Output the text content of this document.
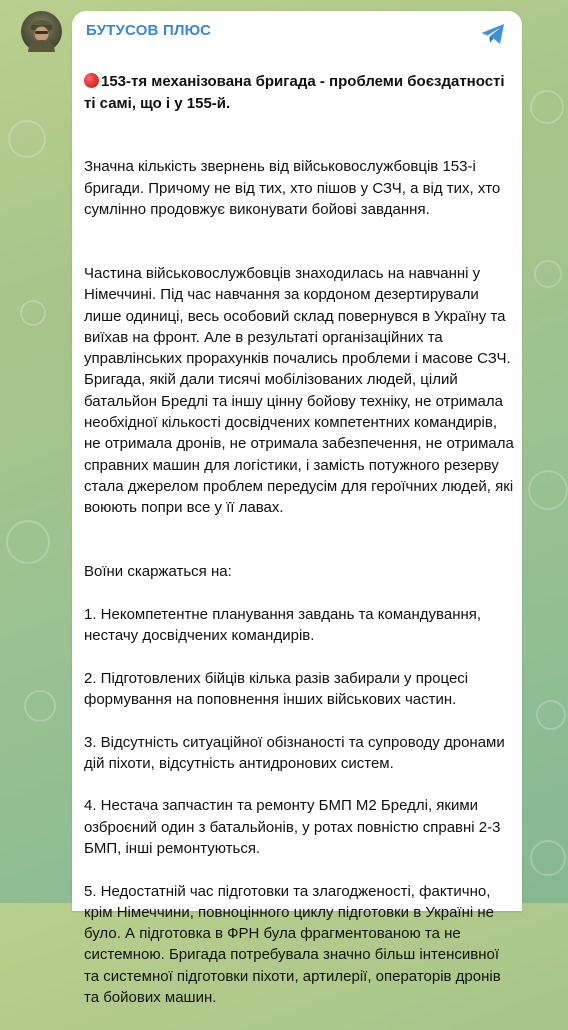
БУТУСОВ ПЛЮС

153-тя механізована бригада - проблеми боєздатності ті самі, що і у 155-й.

Значна кількість звернень від військовослужбовців 153-і бригади. Причому не від тих, хто пішов у СЗЧ, а від тих, хто сумлінно продовжує виконувати бойові завдання.

Частина військовослужбовців знаходилась на навчанні у Німеччині. Під час навчання за кордоном дезертирували лише одиниці, весь особовий склад повернувся в Україну та виїхав на фронт. Але в результаті організаційних та управлінських прорахунків почались проблеми і масове СЗЧ. Бригада, якій дали тисячі мобілізованих людей, цілий батальйон Бредлі та іншу цінну бойову техніку, не отримала необхідної кількості досвідчених компетентних командирів, не отримала дронів, не отримала забезпечення, не отримала справних машин для логістики, і замість потужного резерву стала джерелом проблем передусім для героїчних людей, які воюють попри все у її лавах.

Воїни скаржаться на:

1. Некомпетентне планування завдань та командування, нестачу досвідчених командирів.

2. Підготовлених бійців кілька разів забирали у процесі формування на поповнення інших військових частин.

3. Відсутність ситуаційної обізнаності та супроводу дронами дій піхоти, відсутність антидронових систем.

4. Нестача запчастин та ремонту БМП М2 Бредлі, якими озброєний один з батальйонів, у ротах повністю справні 2-3 БМП, інші ремонтуються.

5. Недостатній час підготовки та злагодженості, фактично, крім Німеччини, повноцінного циклу підготовки в Україні не було. А підготовка в ФРН була фрагментованою та не системною. Бригада потребувала значно більш інтенсивної та системної підготовки піхоти, артилерії, операторів дронів та бойових машин.
